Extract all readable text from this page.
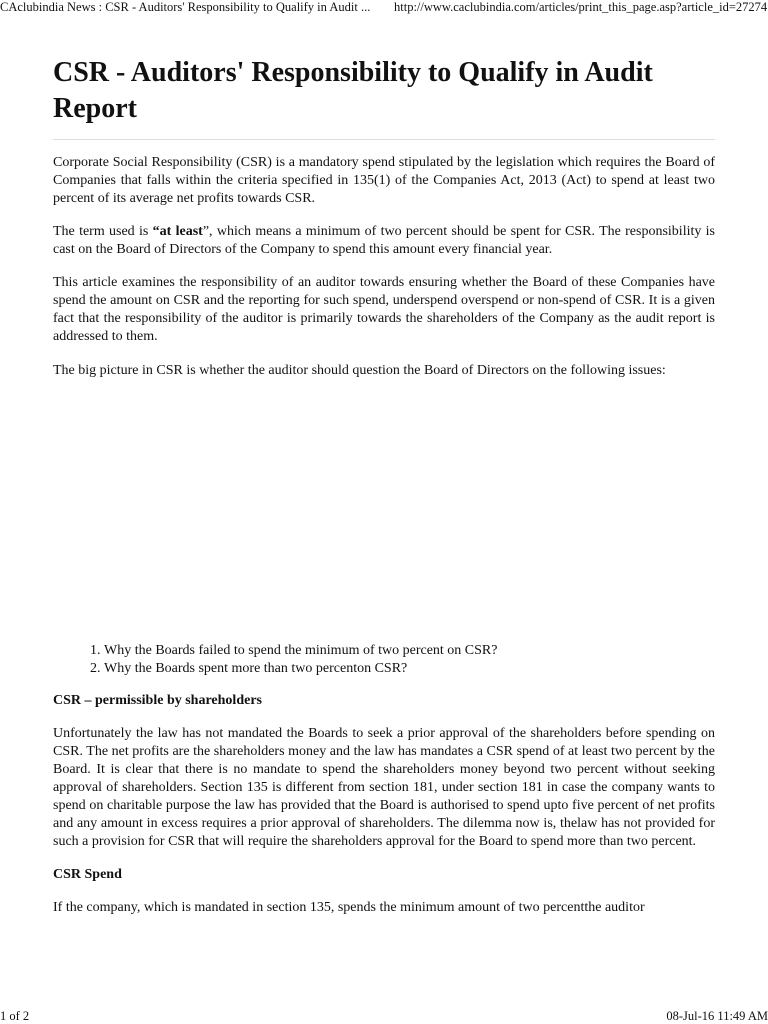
CAclubindia News : CSR - Auditors' Responsibility to Qualify in Audit ... http://www.caclubindia.com/articles/print_this_page.asp?article_id=27274
CSR - Auditors' Responsibility to Qualify in Audit Report

Corporate Social Responsibility (CSR) is a mandatory spend stipulated by the legislation which requires the Board of Companies that falls within the criteria specified in 135(1) of the Companies Act, 2013 (Act) to spend at least two percent of its average net profits towards CSR.

The term used is “at least”, which means a minimum of two percent should be spent for CSR. The responsibility is cast on the Board of Directors of the Company to spend this amount every financial year.

This article examines the responsibility of an auditor towards ensuring whether the Board of these Companies have spend the amount on CSR and the reporting for such spend, underspend overspend or non-spend of CSR. It is a given fact that the responsibility of the auditor is primarily towards the shareholders of the Company as the audit report is addressed to them.

The big picture in CSR is whether the auditor should question the Board of Directors on the following issues:

1. Why the Boards failed to spend the minimum of two percent on CSR?
2. Why the Boards spent more than two percenton CSR?
CSR – permissible by shareholders

Unfortunately the law has not mandated the Boards to seek a prior approval of the shareholders before spending on CSR. The net profits are the shareholders money and the law has mandates a CSR spend of at least two percent by the Board. It is clear that there is no mandate to spend the shareholders money beyond two percent without seeking approval of shareholders. Section 135 is different from section 181, under section 181 in case the company wants to spend on charitable purpose the law has provided that the Board is authorised to spend upto five percent of net profits and any amount in excess requires a prior approval of shareholders. The dilemma now is, thelaw has not provided for such a provision for CSR that will require the shareholders approval for the Board to spend more than two percent.

CSR Spend

If the company, which is mandated in section 135, spends the minimum amount of two percentthe auditor

1 of 2	08-Jul-16 11:49 AM
